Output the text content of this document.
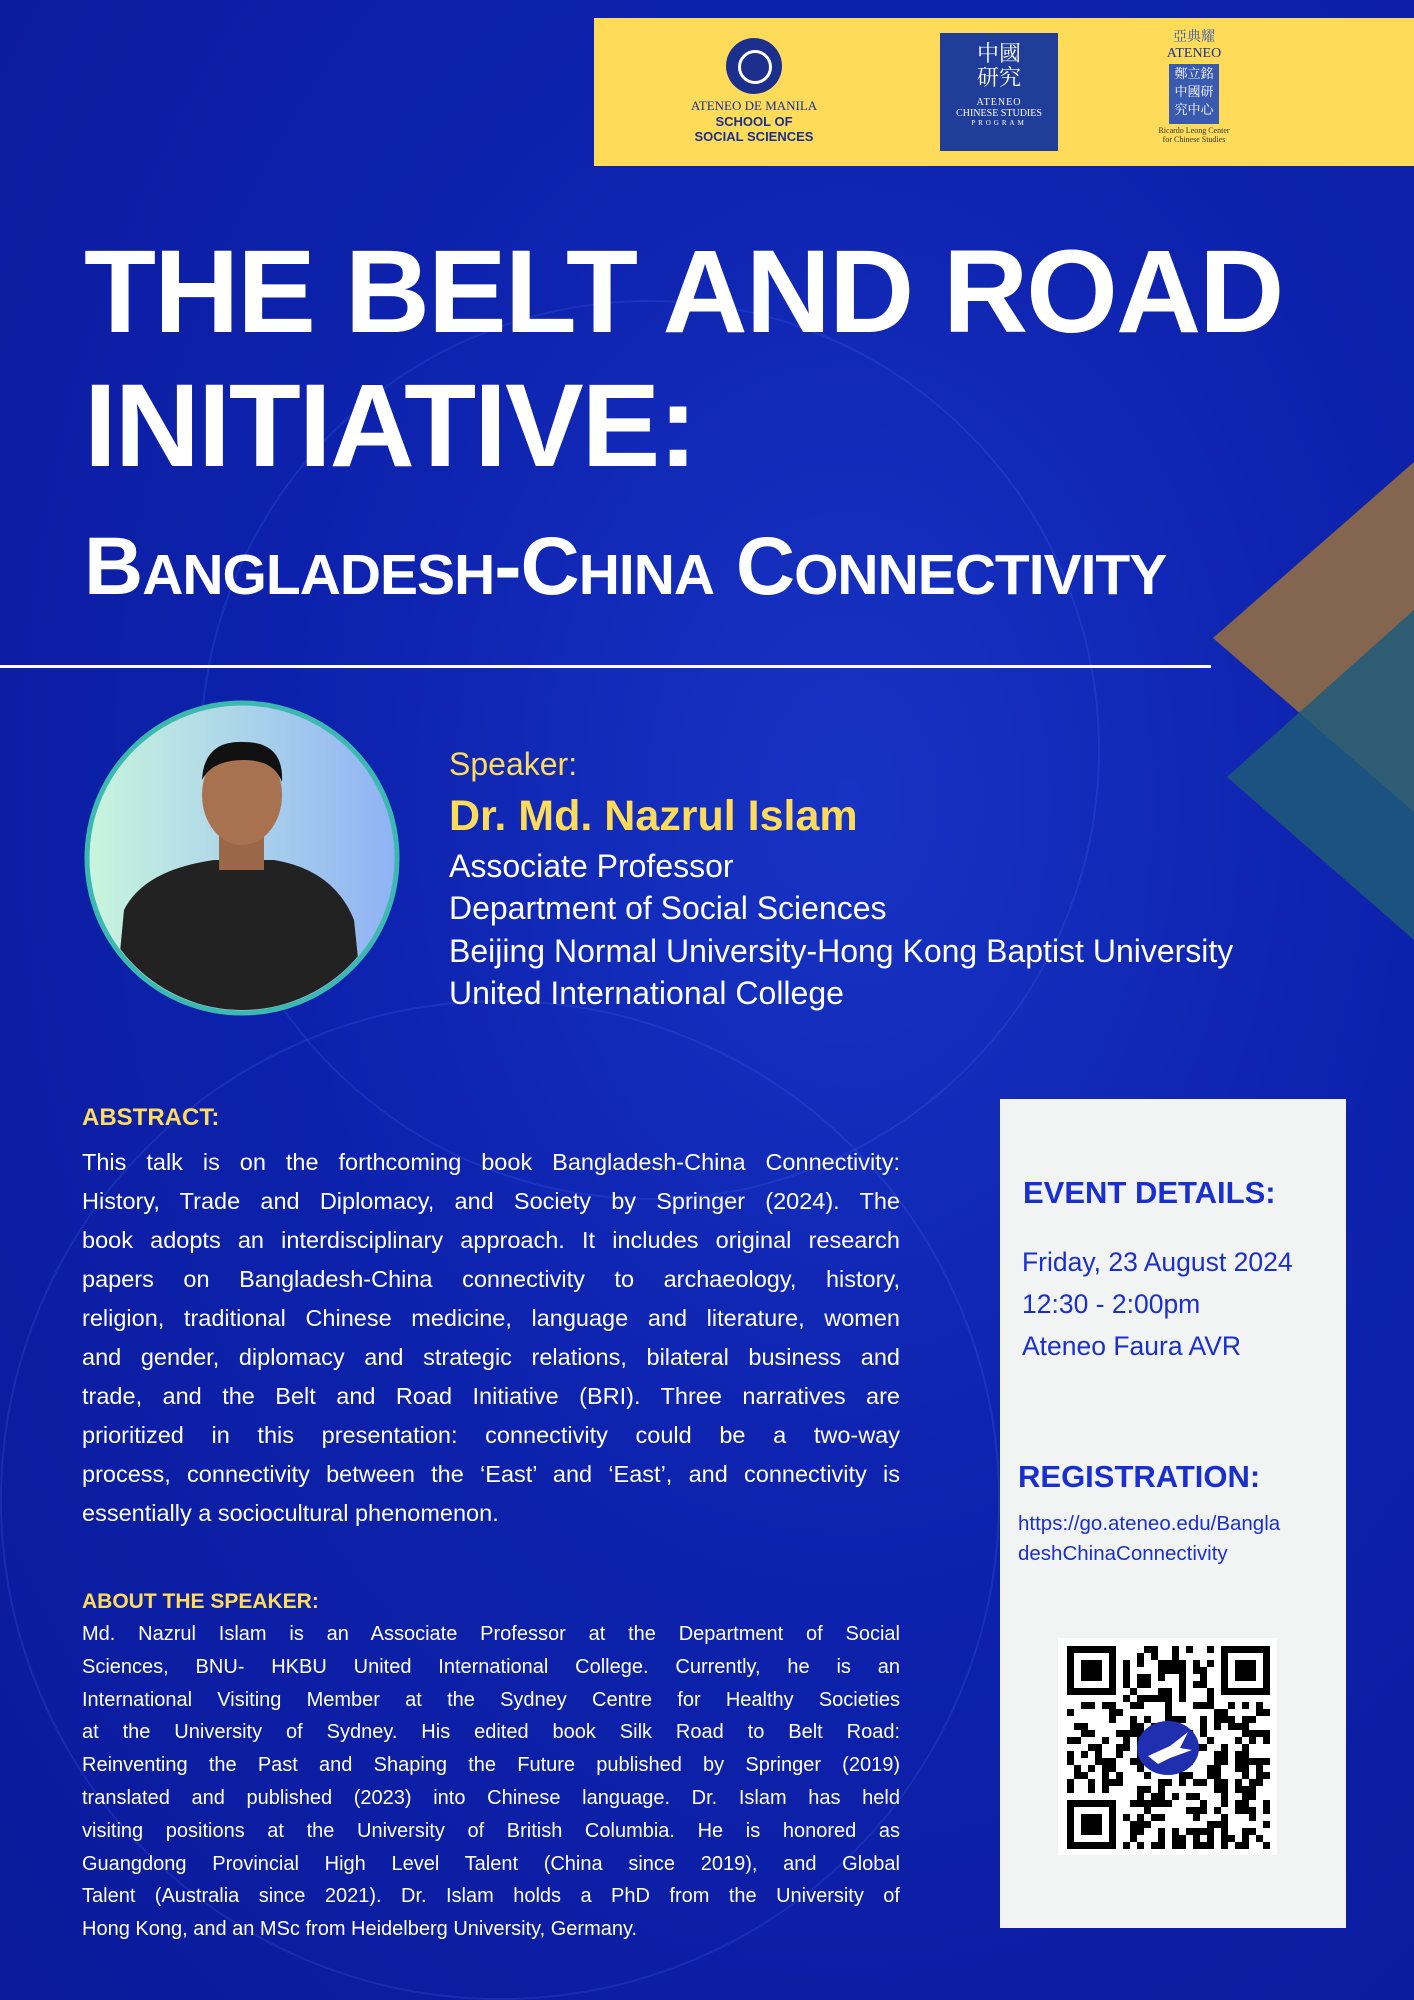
ATENEO DE MANILA
SCHOOL OF
SOCIAL SCIENCES
中國研究
ATENEO
CHINESE STUDIES
PROGRAM
亞典耀
ATENEO
鄭立銘中國研究中心
Ricardo Leong Center
for Chinese Studies
THE BELT AND ROAD
INITIATIVE:
Bangladesh-China Connectivity
Speaker:
Dr. Md. Nazrul Islam
Associate Professor
Department of Social Sciences
Beijing Normal University-Hong Kong Baptist University
United International College
ABSTRACT:
This talk is on the forthcoming book Bangladesh-China Connectivity:
History, Trade and Diplomacy, and Society by Springer (2024). The
book adopts an interdisciplinary approach. It includes original research
papers on Bangladesh-China connectivity to archaeology, history,
religion, traditional Chinese medicine, language and literature, women
and gender, diplomacy and strategic relations, bilateral business and
trade, and the Belt and Road Initiative (BRI). Three narratives are
prioritized in this presentation: connectivity could be a two-way
process, connectivity between the ‘East’ and ‘East’, and connectivity is
essentially a sociocultural phenomenon.
ABOUT THE SPEAKER:
Md. Nazrul Islam is an Associate Professor at the Department of Social
Sciences, BNU- HKBU United International College. Currently, he is an
International Visiting Member at the Sydney Centre for Healthy Societies
at the University of Sydney. His edited book Silk Road to Belt Road:
Reinventing the Past and Shaping the Future published by Springer (2019)
translated and published (2023) into Chinese language. Dr. Islam has held
visiting positions at the University of British Columbia. He is honored as
Guangdong Provincial High Level Talent (China since 2019), and Global
Talent (Australia since 2021). Dr. Islam holds a PhD from the University of
Hong Kong, and an MSc from Heidelberg University, Germany.
EVENT DETAILS:
Friday, 23 August 2024
12:30 - 2:00pm
Ateneo Faura AVR
REGISTRATION:
https://go.ateneo.edu/Bangla
deshChinaConnectivity
